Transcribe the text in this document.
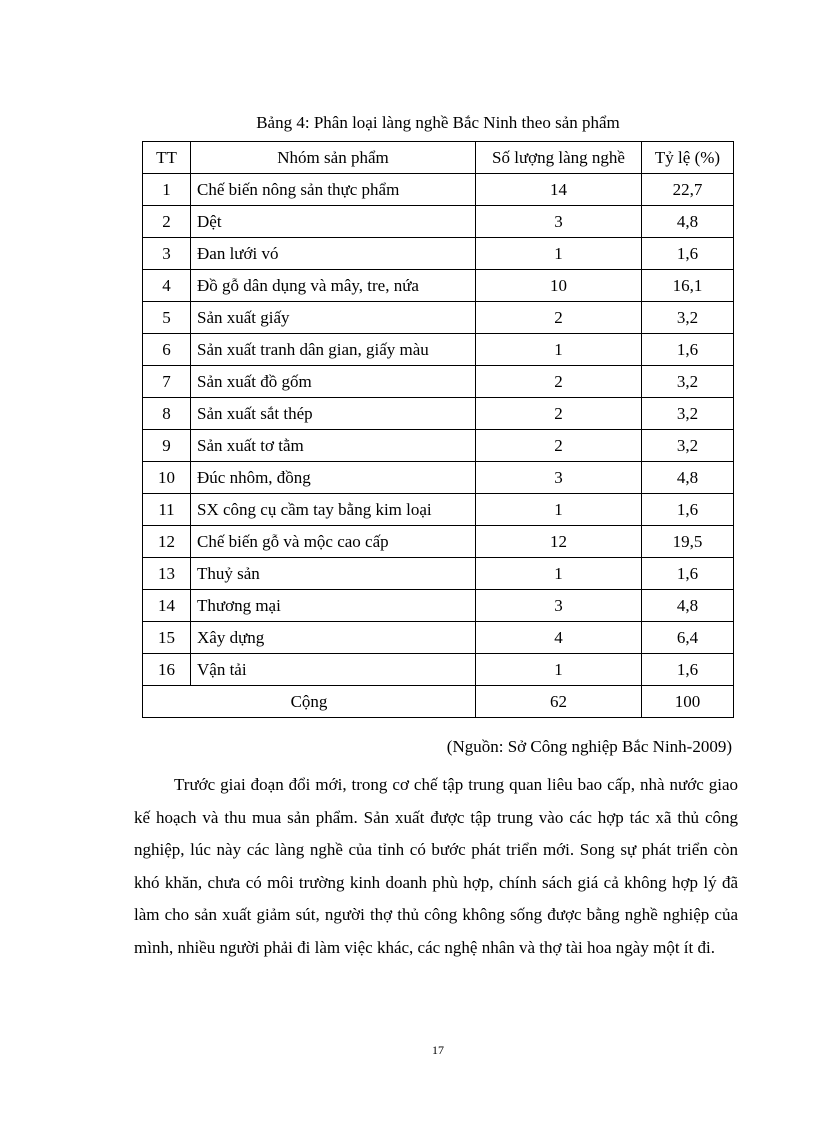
Bảng 4: Phân loại làng nghề Bắc Ninh theo sản phẩm

TT	Nhóm sản phẩm	Số lượng làng nghề	Tỷ lệ (%)
1	Chế biến nông sản thực phẩm	14	22,7
2	Dệt	3	4,8
3	Đan lưới vó	1	1,6
4	Đồ gỗ dân dụng và mây, tre, nứa	10	16,1
5	Sản xuất giấy	2	3,2
6	Sản xuất tranh dân gian, giấy màu	1	1,6
7	Sản xuất đồ gốm	2	3,2
8	Sản xuất sắt thép	2	3,2
9	Sản xuất tơ tằm	2	3,2
10	Đúc nhôm, đồng	3	4,8
11	SX công cụ cầm tay bằng kim loại	1	1,6
12	Chế biến gỗ và mộc cao cấp	12	19,5
13	Thuỷ sản	1	1,6
14	Thương mại	3	4,8
15	Xây dựng	4	6,4
16	Vận tải	1	1,6
Cộng		62	100

(Nguồn: Sở Công nghiệp Bắc Ninh-2009)

Trước giai đoạn đổi mới, trong cơ chế tập trung quan liêu bao cấp, nhà nước giao kế hoạch và thu mua sản phẩm. Sản xuất được tập trung vào các hợp tác xã thủ công nghiệp, lúc này các làng nghề của tỉnh có bước phát triển mới. Song sự phát triển còn khó khăn, chưa có môi trường kinh doanh phù hợp, chính sách giá cả không hợp lý đã làm cho sản xuất giảm sút, người thợ thủ công không sống được bằng nghề nghiệp của mình, nhiều người phải đi làm việc khác, các nghệ nhân và thợ tài hoa ngày một ít đi.

17
